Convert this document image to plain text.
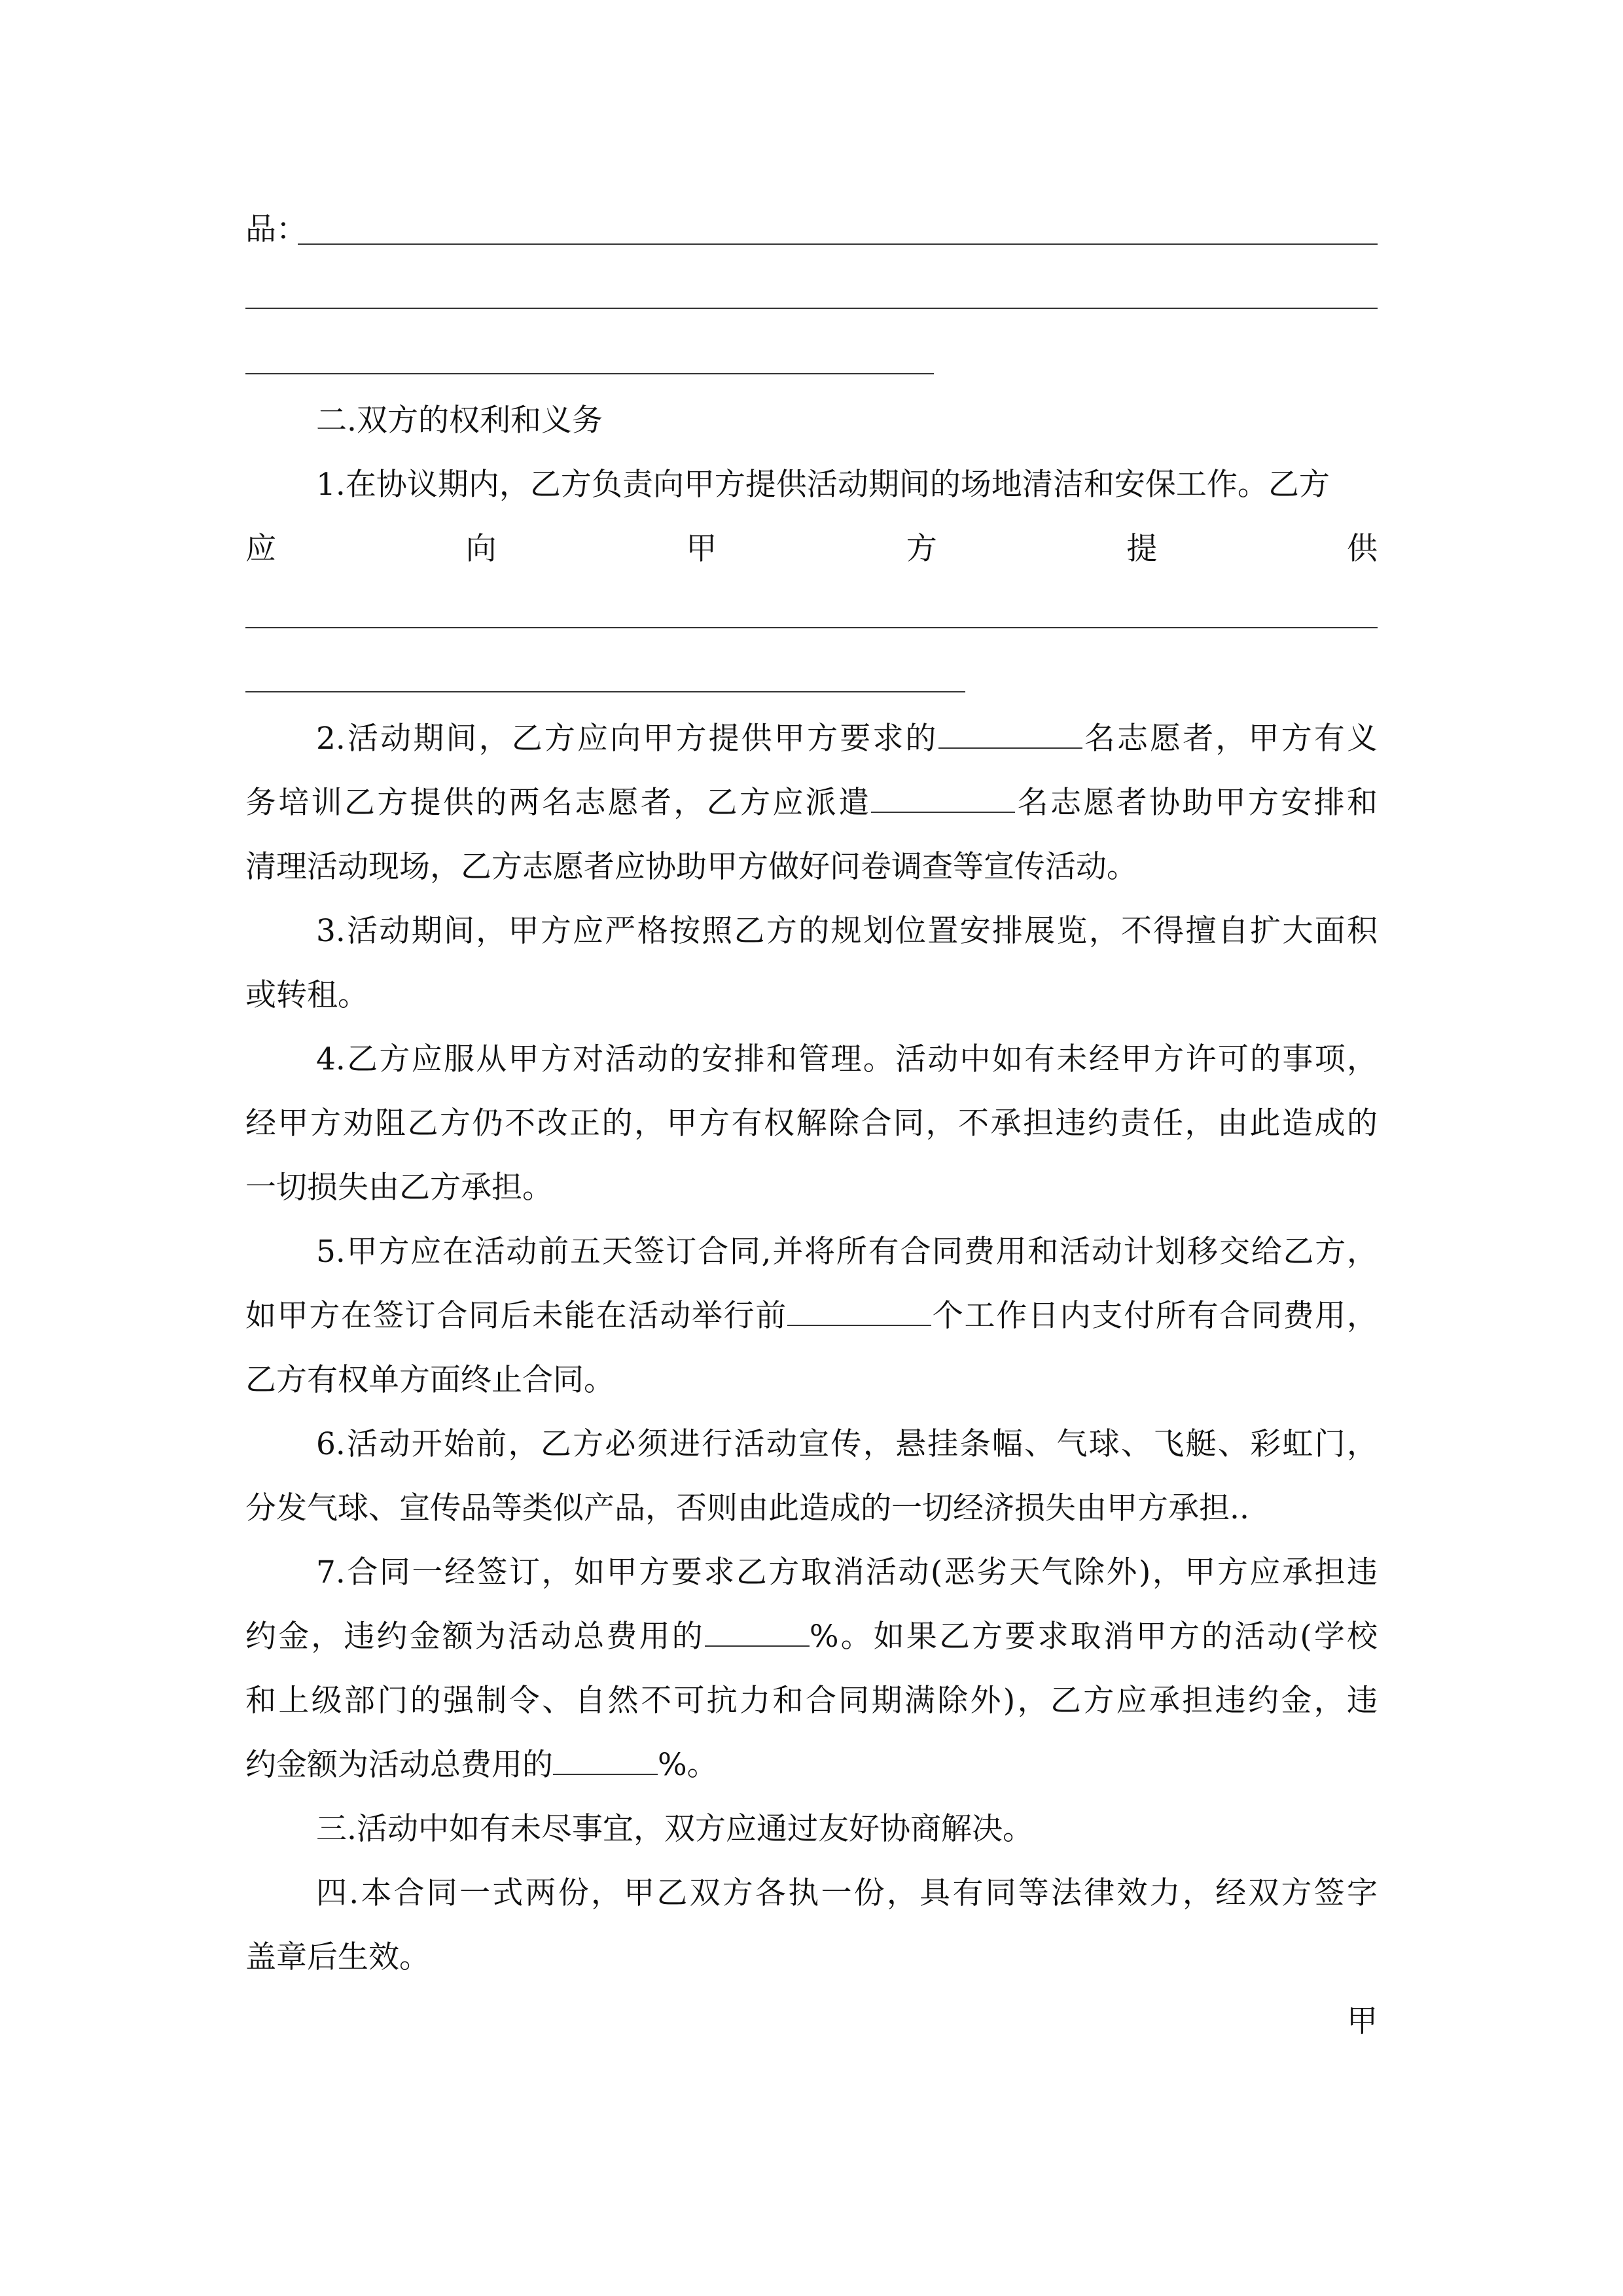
品：
二.双方的权利和义务
1.在协议期内，乙方负责向甲方提供活动期间的场地清洁和安保工作。乙方
应	向	甲	方	提	供
2.活动期间，乙方应向甲方提供甲方要求的	名志愿者，甲方有义
务培训乙方提供的两名志愿者，乙方应派遣	名志愿者协助甲方安排和
清理活动现场，乙方志愿者应协助甲方做好问卷调查等宣传活动。
3.活动期间，甲方应严格按照乙方的规划位置安排展览，不得擅自扩大面积
或转租。
4.乙方应服从甲方对活动的安排和管理。活动中如有未经甲方许可的事项，
经甲方劝阻乙方仍不改正的，甲方有权解除合同，不承担违约责任，由此造成的
一切损失由乙方承担。
5.甲方应在活动前五天签订合同,并将所有合同费用和活动计划移交给乙方，
如甲方在签订合同后未能在活动举行前	个工作日内支付所有合同费用，
乙方有权单方面终止合同。
6.活动开始前，乙方必须进行活动宣传，悬挂条幅、气球、飞艇、彩虹门，
分发气球、宣传品等类似产品，否则由此造成的一切经济损失由甲方承担..
7.合同一经签订，如甲方要求乙方取消活动(恶劣天气除外)，甲方应承担违
约金，违约金额为活动总费用的	%。如果乙方要求取消甲方的活动(学校
和上级部门的强制令、自然不可抗力和合同期满除外)，乙方应承担违约金，违
约金额为活动总费用的	%。
三.活动中如有未尽事宜，双方应通过友好协商解决。
四.本合同一式两份，甲乙双方各执一份，具有同等法律效力，经双方签字
盖章后生效。
甲
